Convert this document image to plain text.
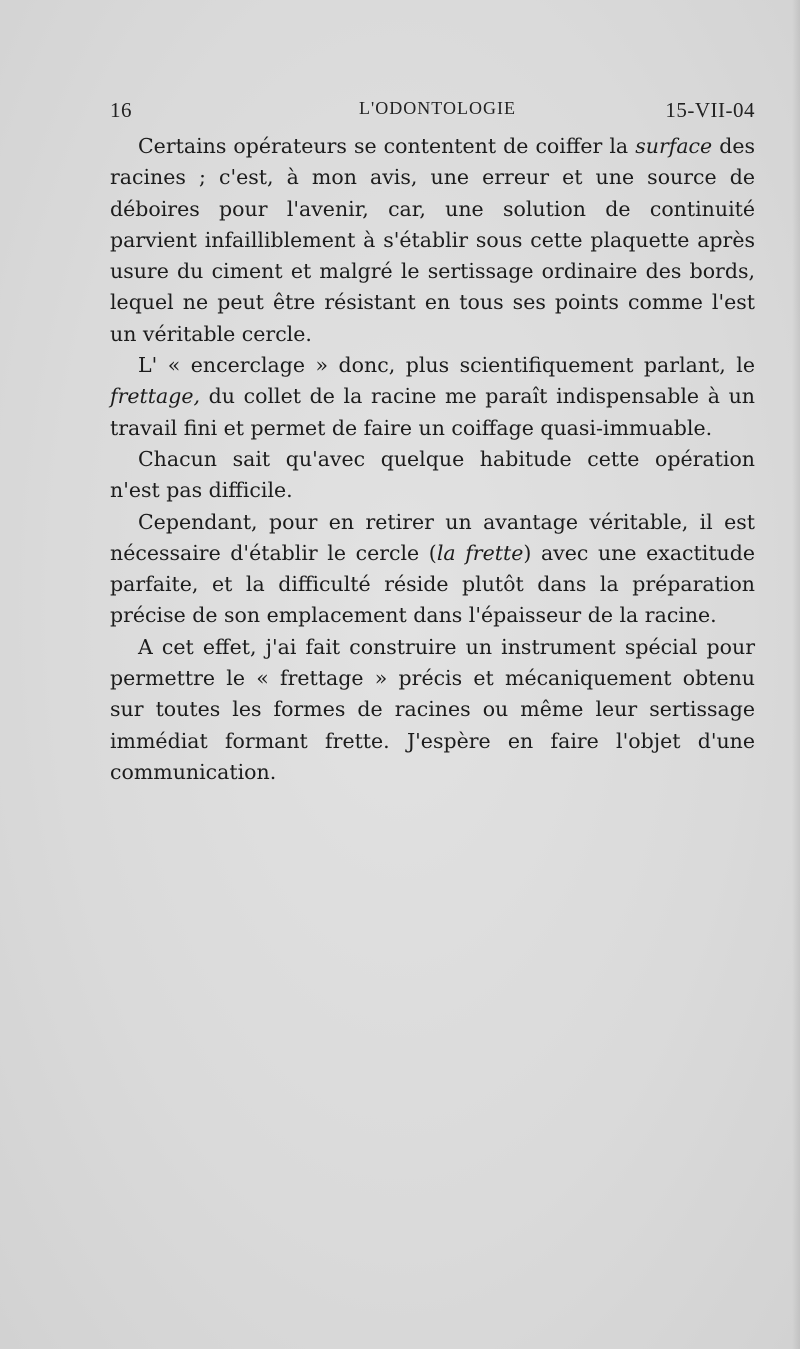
16	L'ODONTOLOGIE	15-VII-04

Certains opérateurs se contentent de coiffer la surface des racines ; c'est, à mon avis, une erreur et une source de déboires pour l'avenir, car, une solution de continuité parvient infailliblement à s'établir sous cette plaquette après usure du ciment et malgré le sertissage ordinaire des bords, lequel ne peut être résistant en tous ses points comme l'est un véritable cercle.

L' « encerclage » donc, plus scientifiquement parlant, le frettage, du collet de la racine me paraît indispensable à un travail fini et permet de faire un coiffage quasi-immuable.

Chacun sait qu'avec quelque habitude cette opération n'est pas difficile.

Cependant, pour en retirer un avantage véritable, il est nécessaire d'établir le cercle (la frette) avec une exactitude parfaite, et la difficulté réside plutôt dans la préparation précise de son emplacement dans l'épaisseur de la racine.

A cet effet, j'ai fait construire un instrument spécial pour permettre le « frettage » précis et mécaniquement obtenu sur toutes les formes de racines ou même leur sertissage immédiat formant frette. J'espère en faire l'objet d'une communication.
